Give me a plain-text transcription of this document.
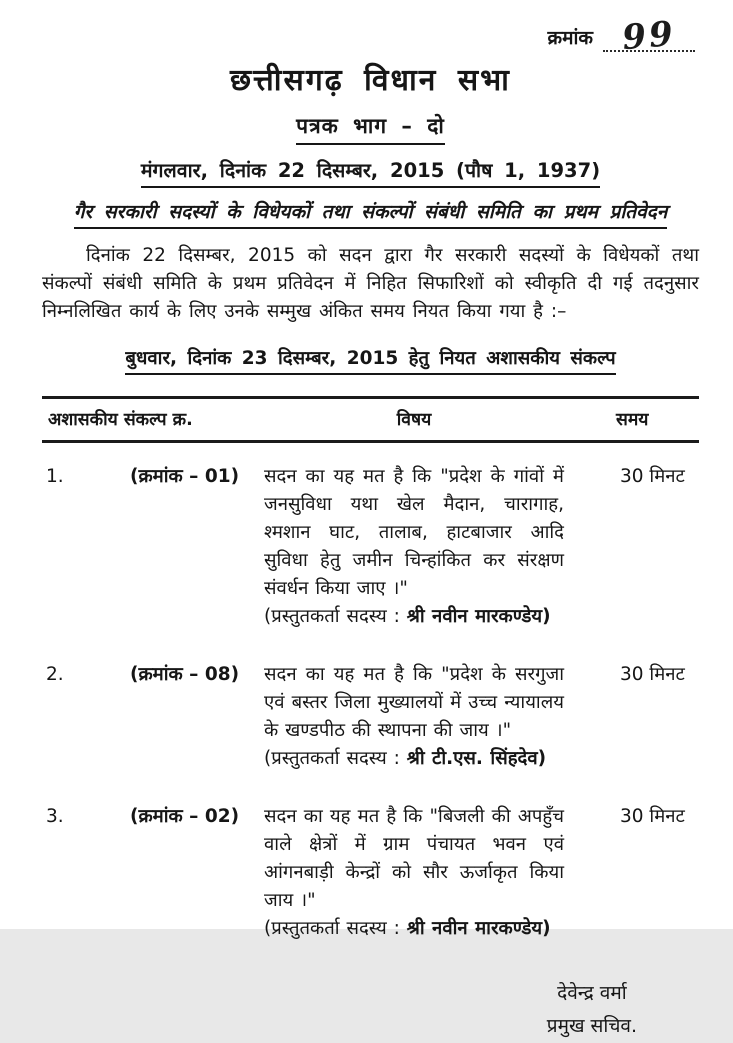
क्रमांक 99
छत्तीसगढ़ विधान सभा
पत्रक भाग – दो
मंगलवार, दिनांक 22 दिसम्बर, 2015 (पौष 1, 1937)
गैर सरकारी सदस्यों के विधेयकों तथा संकल्पों संबंधी समिति का प्रथम प्रतिवेदन

दिनांक 22 दिसम्बर, 2015 को सदन द्वारा गैर सरकारी सदस्यों के विधेयकों तथा संकल्पों संबंधी समिति के प्रथम प्रतिवेदन में निहित सिफारिशों को स्वीकृति दी गई तदनुसार निम्नलिखित कार्य के लिए उनके सम्मुख अंकित समय नियत किया गया है :–

बुधवार, दिनांक 23 दिसम्बर, 2015 हेतु नियत अशासकीय संकल्प
अशासकीय संकल्प क्र.	विषय	समय
1.	(क्रमांक – 01)	सदन का यह मत है कि "प्रदेश के गांवों में जनसुविधा यथा खेल मैदान, चारागाह, श्मशान घाट, तालाब, हाटबाजार आदि सुविधा हेतु जमीन चिन्हांकित कर संरक्षण संवर्धन किया जाए ।"
(प्रस्तुतकर्ता सदस्य : श्री नवीन मारकण्डेय)
30 मिनट
2.	(क्रमांक – 08)	सदन का यह मत है कि "प्रदेश के सरगुजा एवं बस्तर जिला मुख्यालयों में उच्च न्यायालय के खण्डपीठ की स्थापना की जाय ।"
(प्रस्तुतकर्ता सदस्य : श्री टी.एस. सिंहदेव)
30 मिनट
3.	(क्रमांक – 02)	सदन का यह मत है कि "बिजली की अपहुँच वाले क्षेत्रों में ग्राम पंचायत भवन एवं आंगनबाड़ी केन्द्रों को सौर ऊर्जाकृत किया जाय ।"
(प्रस्तुतकर्ता सदस्य : श्री नवीन मारकण्डेय)
30 मिनट
देवेन्द्र वर्मा
प्रमुख सचिव.
